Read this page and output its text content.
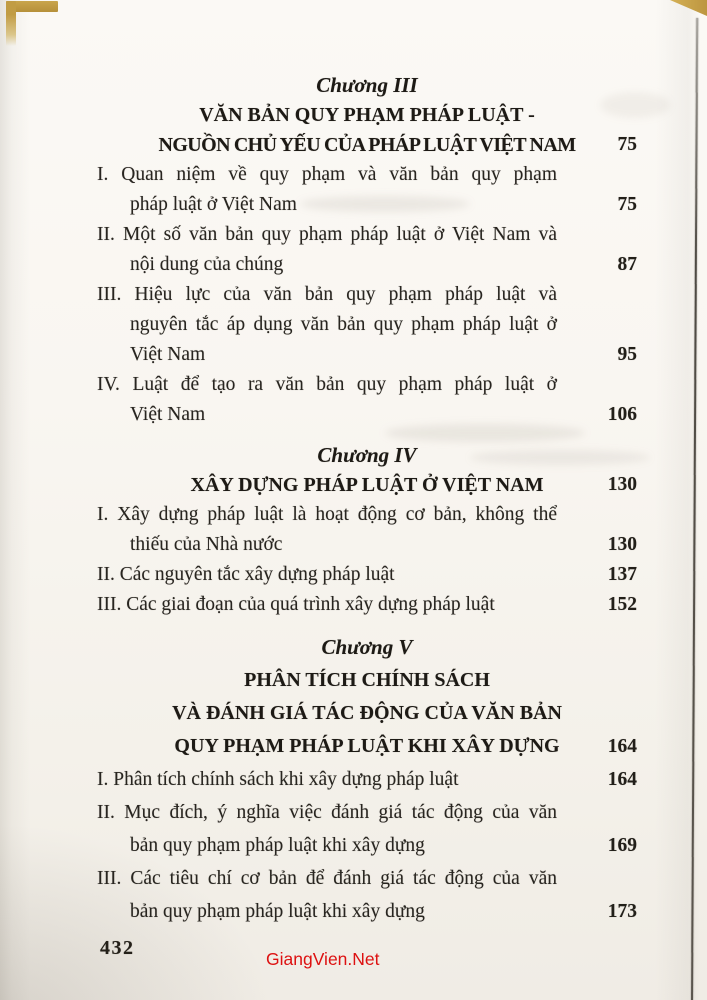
Chương III
VĂN BẢN QUY PHẠM PHÁP LUẬT -
NGUỒN CHỦ YẾU CỦA PHÁP LUẬT VIỆT NAM	75
I. Quan niệm về quy phạm và văn bản quy phạm
pháp luật ở Việt Nam	75
II. Một số văn bản quy phạm pháp luật ở Việt Nam và
nội dung của chúng	87
III. Hiệu lực của văn bản quy phạm pháp luật và
nguyên tắc áp dụng văn bản quy phạm pháp luật ở
Việt Nam	95
IV. Luật để tạo ra văn bản quy phạm pháp luật ở
Việt Nam	106
Chương IV
XÂY DỰNG PHÁP LUẬT Ở VIỆT NAM	130
I. Xây dựng pháp luật là hoạt động cơ bản, không thể
thiếu của Nhà nước	130
II. Các nguyên tắc xây dựng pháp luật	137
III. Các giai đoạn của quá trình xây dựng pháp luật	152
Chương V
PHÂN TÍCH CHÍNH SÁCH
VÀ ĐÁNH GIÁ TÁC ĐỘNG CỦA VĂN BẢN
QUY PHẠM PHÁP LUẬT KHI XÂY DỰNG	164
I. Phân tích chính sách khi xây dựng pháp luật	164
II. Mục đích, ý nghĩa việc đánh giá tác động của văn
bản quy phạm pháp luật khi xây dựng	169
III. Các tiêu chí cơ bản để đánh giá tác động của văn
bản quy phạm pháp luật khi xây dựng	173
432	GiangVien.Net
